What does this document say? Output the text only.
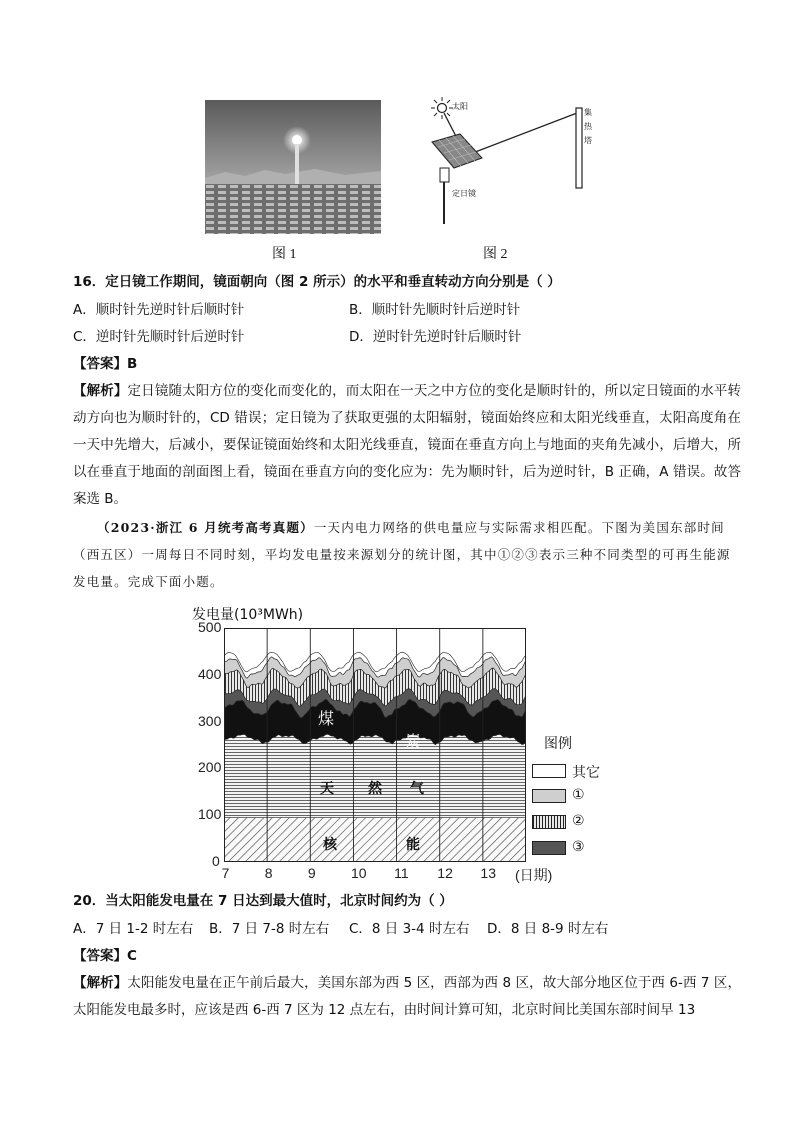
太阳
集热塔
定日镜
图 1	图 2
16．定日镜工作期间，镜面朝向（图 2 所示）的水平和垂直转动方向分别是（ ）
A．顺时针先逆时针后顺时针	B．顺时针先顺时针后逆时针
C．逆时针先顺时针后逆时针	D．逆时针先逆时针后顺时针
【答案】B
【解析】定日镜随太阳方位的变化而变化的，而太阳在一天之中方位的变化是顺时针的，所以定日镜面的水平转动方向也为顺时针的，CD 错误；定日镜为了获取更强的太阳辐射，镜面始终应和太阳光线垂直，太阳高度角在一天中先增大，后减小，要保证镜面始终和太阳光线垂直，镜面在垂直方向上与地面的夹角先减小，后增大，所以在垂直于地面的剖面图上看，镜面在垂直方向的变化应为：先为顺时针，后为逆时针，B 正确，A 错误。故答案选 B。
（2023·浙江 6 月统考高考真题）一天内电力网络的供电量应与实际需求相匹配。下图为美国东部时间（西五区）一周每日不同时刻，平均发电量按来源划分的统计图，其中①②③表示三种不同类型的可再生能源发电量。完成下面小题。
发电量(10³MWh)
500
400
300
200
100
0
7	8	9	10 11 12 13 (日期)
煤
炭
天 然 气
核	能
图例
其它
①
②
③
20．当太阳能发电量在 7 日达到最大值时，北京时间约为（ ）
A．7 日 1-2 时左右 B．7 日 7-8 时左右 C．8 日 3-4 时左右 D．8 日 8-9 时左右
【答案】C
【解析】太阳能发电量在正午前后最大，美国东部为西 5 区，西部为西 8 区，故大部分地区位于西 6-西 7 区，太阳能发电最多时，应该是西 6-西 7 区为 12 点左右，由时间计算可知，北京时间比美国东部时间早 13
